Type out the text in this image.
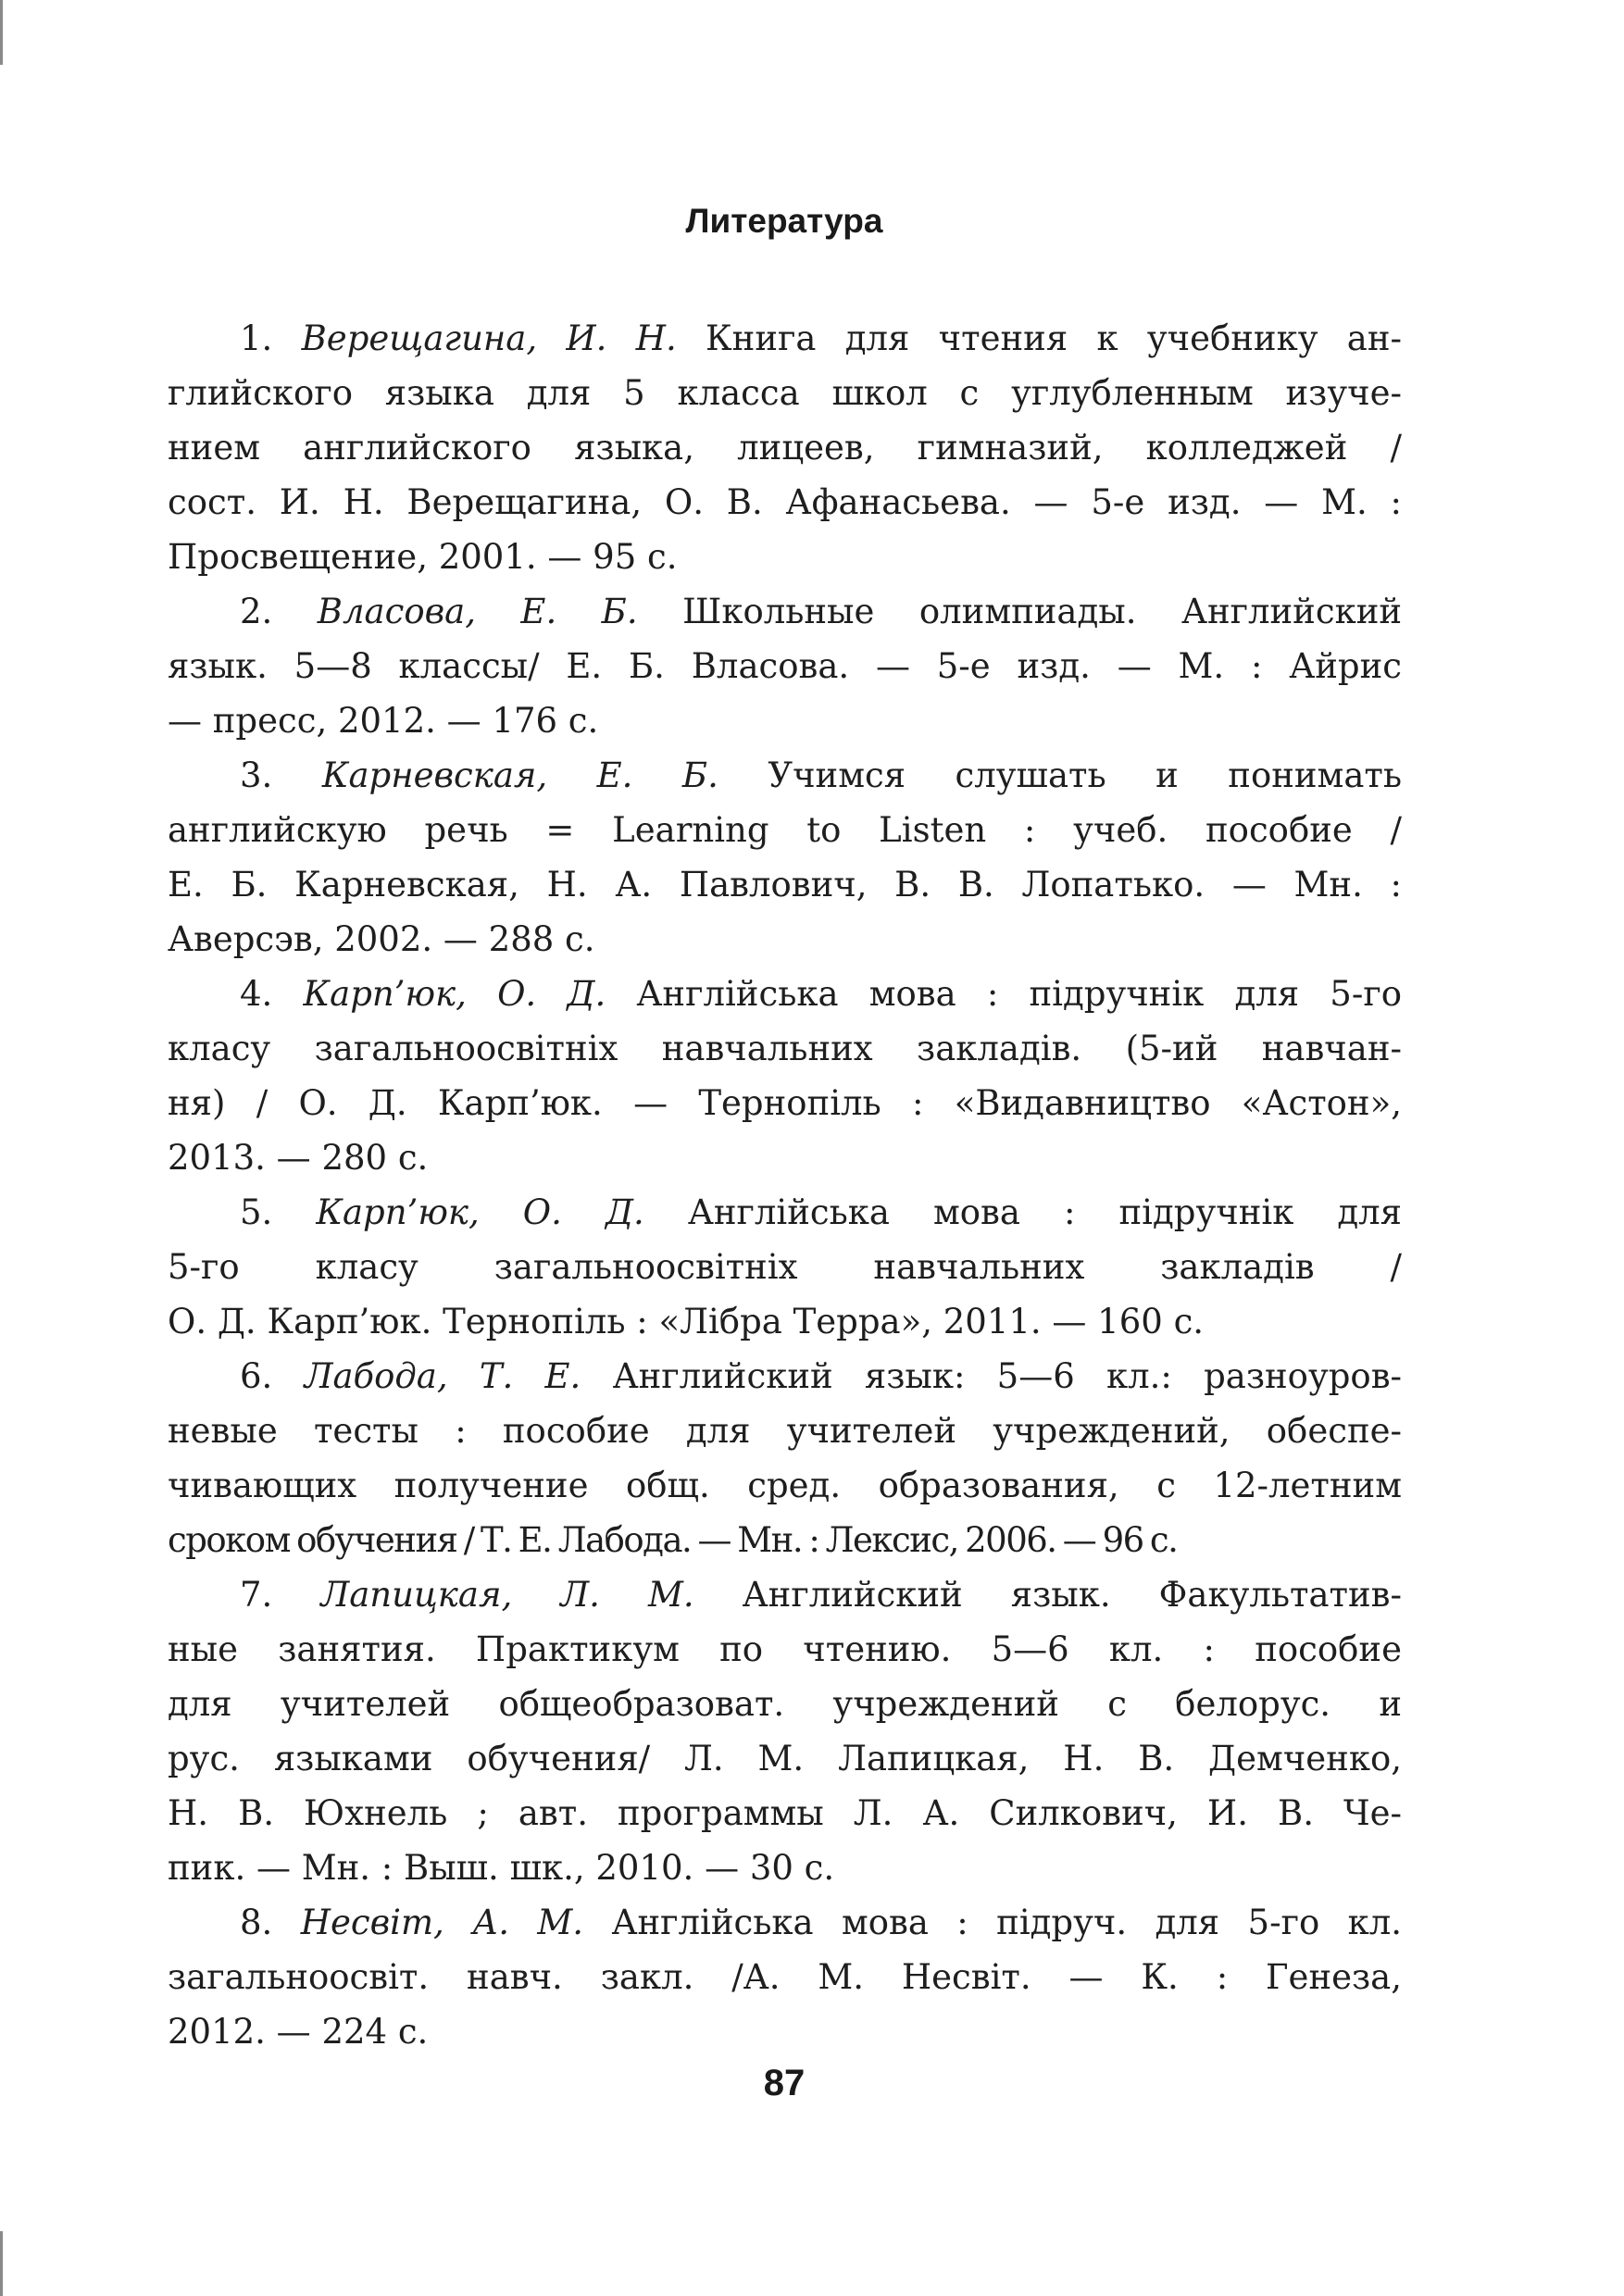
Литература
1. Верещагина, И. Н. Книга для чтения к учебнику ан-
глийского языка для 5 класса школ с углубленным изуче-
нием английского языка, лицеев, гимназий, колледжей /
сост. И. Н. Верещагина, О. В. Афанасьева. — 5-е изд. — М. :
Просвещение, 2001. — 95 с.
2. Власова, Е. Б. Школьные олимпиады. Английский
язык. 5—8 классы/ Е. Б. Власова. — 5-е изд. — М. : Айрис
— пресс, 2012. — 176 с.
3. Карневская, Е. Б. Учимся слушать и понимать
английскую речь = Learning to Listen : учеб. пособие /
Е. Б. Карневская, Н. А. Павлович, В. В. Лопатько. — Мн. :
Аверсэв, 2002. — 288 с.
4. Карп’юк, О. Д. Англійська мова : підручнік для 5-го
класу загальноосвітніх навчальних закладів. (5-ий навчан-
ня) / О. Д. Карп’юк. — Тернопіль : «Видавництво «Астон»,
2013. — 280 с.
5. Карп’юк, О. Д. Англійська мова : підручнік для
5-го класу загальноосвітніх навчальних закладів /
О. Д. Карп’юк. Тернопіль : «Лібра Терра», 2011. — 160 с.
6. Лабода, Т. Е. Английский язык: 5—6 кл.: разноуров-
невые тесты : пособие для учителей учреждений, обеспе-
чивающих получение общ. сред. образования, с 12-летним
сроком обучения / Т. Е. Лабода. — Мн. : Лексис, 2006. — 96 с.
7. Лапицкая, Л. М. Английский язык. Факультатив-
ные занятия. Практикум по чтению. 5—6 кл. : пособие
для учителей общеобразоват. учреждений с белорус. и
рус. языками обучения/ Л. М. Лапицкая, Н. В. Демченко,
Н. В. Юхнель ; авт. программы Л. А. Силкович, И. В. Че-
пик. — Мн. : Выш. шк., 2010. — 30 с.
8. Несвіт, А. М. Англійська мова : підруч. для 5-го кл.
загальноосвіт. навч. закл. /А. М. Несвіт. — К. : Генеза,
2012. — 224 с.
87
